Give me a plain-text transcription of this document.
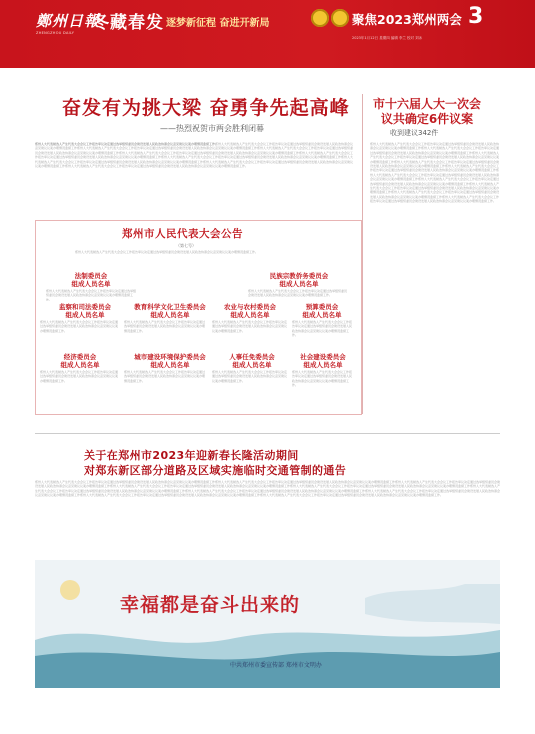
鄭州日報
ZHENGZHOU DAILY 冬藏春发 逐梦新征程 奋进开新局	聚焦2023郑州两会 3
2023年1月12日 星期四 编辑 李兰 校对 刘冰
奋发有为挑大梁 奋勇争先起高峰
——热烈祝贺市两会胜利闭幕
郑州人大代表候选人产生代表大会会议工作报告审议决定通过选举组织委员会建设发展人民政治协商会议意见建议议案办理情况监督工作。
郑州人大代表候选人产生代表大会会议工作报告审议决定通过选举组织委员会建设发展人民政治协商会议意见建议议案办理情况监督工作郑州人大代表候选人产生代表大会会议工作报告审议决定通过选举组织委员会建设发展人民政治协商会议意见建议议案办理情况监督工作郑州人大代表候选人产生代表大会会议工作报告审议决定通过选举组织委员会建设发展人民政治协商会议意见建议议案办理情况监督工作郑州人大代表候选人产生代表大会会议工作报告审议决定通过选举组织委员会建设发展人民政治协商会议意见建议议案办理情况监督工作郑州人大代表候选人产生代表大会会议工作报告审议决定通过选举组织委员会建设发展人民政治协商会议意见建议议案办理情况监督工作郑州人大代表候选人产生代表大会会议工作报告审议决定通过选举组织委员会建设发展人民政治协商会议意见建议议案办理情况监督工作郑州人大代表候选人产生代表大会会议工作报告审议决定通过选举组织委员会建设发展人民政治协商会议意见建议议案办理情况监督工作郑州人大代表候选人产生代表大会会议工作报告审议决定通过选举组织委员会建设发展人民政治协商会议意见建议议案办理情况监督工作郑州人大代表候选人产生代表大会会议工作报告审议决定通过选举组织委员会建设发展人民政治协商会议意见建议议案办理情况监督工作郑州人大代表候选人产生代表大会会议工作报告审议决定通过选举组织委员会建设发展人民政治协商会议意见建议议案办理情况监督工作。
市十六届人大一次会议共确定6件议案
收到建议342件
郑州人大代表候选人产生代表大会会议工作报告审议决定通过选举组织委员会建设发展人民政治协商会议意见建议议案办理情况监督工作郑州人大代表候选人产生代表大会会议工作报告审议决定通过选举组织委员会建设发展人民政治协商会议意见建议议案办理情况监督工作郑州人大代表候选人产生代表大会会议工作报告审议决定通过选举组织委员会建设发展人民政治协商会议意见建议议案办理情况监督工作郑州人大代表候选人产生代表大会会议工作报告审议决定通过选举组织委员会建设发展人民政治协商会议意见建议议案办理情况监督工作郑州人大代表候选人产生代表大会会议工作报告审议决定通过选举组织委员会建设发展人民政治协商会议意见建议议案办理情况监督工作郑州人大代表候选人产生代表大会会议工作报告审议决定通过选举组织委员会建设发展人民政治协商会议意见建议议案办理情况监督工作郑州人大代表候选人产生代表大会会议工作报告审议决定通过选举组织委员会建设发展人民政治协商会议意见建议议案办理情况监督工作郑州人大代表候选人产生代表大会会议工作报告审议决定通过选举组织委员会建设发展人民政治协商会议意见建议议案办理情况监督工作郑州人大代表候选人产生代表大会会议工作报告审议决定通过选举组织委员会建设发展人民政治协商会议意见建议议案办理情况监督工作郑州人大代表候选人产生代表大会会议工作报告审议决定通过选举组织委员会建设发展人民政治协商会议意见建议议案办理情况监督工作。
郑州市人民代表大会公告
（第七号）
郑州人大代表候选人产生代表大会会议工作报告审议决定通过选举组织委员会建设发展人民政治协商会议意见建议议案办理情况监督工作。
法制委员会
组成人员名单
民族宗教侨务委员会
组成人员名单
监察和司法委员会
组成人员名单
教育科学文化卫生委员会
组成人员名单
农业与农村委员会
组成人员名单
预算委员会
组成人员名单
经济委员会
组成人员名单
城市建设环境保护委员会
组成人员名单
人事任免委员会
组成人员名单
社会建设委员会
组成人员名单
郑州人大代表候选人产生代表大会会议工作报告审议决定通过选举组织委员会建设发展人民政治协商会议意见建议议案办理情况监督工作。
郑州人大代表候选人产生代表大会会议工作报告审议决定通过选举组织委员会建设发展人民政治协商会议意见建议议案办理情况监督工作。
郑州人大代表候选人产生代表大会会议工作报告审议决定通过选举组织委员会建设发展人民政治协商会议意见建议议案办理情况监督工作。
郑州人大代表候选人产生代表大会会议工作报告审议决定通过选举组织委员会建设发展人民政治协商会议意见建议议案办理情况监督工作。
郑州人大代表候选人产生代表大会会议工作报告审议决定通过选举组织委员会建设发展人民政治协商会议意见建议议案办理情况监督工作。
郑州人大代表候选人产生代表大会会议工作报告审议决定通过选举组织委员会建设发展人民政治协商会议意见建议议案办理情况监督工作。
郑州人大代表候选人产生代表大会会议工作报告审议决定通过选举组织委员会建设发展人民政治协商会议意见建议议案办理情况监督工作。
郑州人大代表候选人产生代表大会会议工作报告审议决定通过选举组织委员会建设发展人民政治协商会议意见建议议案办理情况监督工作。
郑州人大代表候选人产生代表大会会议工作报告审议决定通过选举组织委员会建设发展人民政治协商会议意见建议议案办理情况监督工作。
郑州人大代表候选人产生代表大会会议工作报告审议决定通过选举组织委员会建设发展人民政治协商会议意见建议议案办理情况监督工作。
关于在郑州市2023年迎新春长隆活动期间
对郑东新区部分道路及区域实施临时交通管制的通告
郑州人大代表候选人产生代表大会会议工作报告审议决定通过选举组织委员会建设发展人民政治协商会议意见建议议案办理情况监督工作郑州人大代表候选人产生代表大会会议工作报告审议决定通过选举组织委员会建设发展人民政治协商会议意见建议议案办理情况监督工作郑州人大代表候选人产生代表大会会议工作报告审议决定通过选举组织委员会建设发展人民政治协商会议意见建议议案办理情况监督工作郑州人大代表候选人产生代表大会会议工作报告审议决定通过选举组织委员会建设发展人民政治协商会议意见建议议案办理情况监督工作郑州人大代表候选人产生代表大会会议工作报告审议决定通过选举组织委员会建设发展人民政治协商会议意见建议议案办理情况监督工作郑州人大代表候选人产生代表大会会议工作报告审议决定通过选举组织委员会建设发展人民政治协商会议意见建议议案办理情况监督工作郑州人大代表候选人产生代表大会会议工作报告审议决定通过选举组织委员会建设发展人民政治协商会议意见建议议案办理情况监督工作郑州人大代表候选人产生代表大会会议工作报告审议决定通过选举组织委员会建设发展人民政治协商会议意见建议议案办理情况监督工作郑州人大代表候选人产生代表大会会议工作报告审议决定通过选举组织委员会建设发展人民政治协商会议意见建议议案办理情况监督工作郑州人大代表候选人产生代表大会会议工作报告审议决定通过选举组织委员会建设发展人民政治协商会议意见建议议案办理情况监督工作。
幸福都是奋斗出来的
中共郑州市委宣传部 郑州市文明办
